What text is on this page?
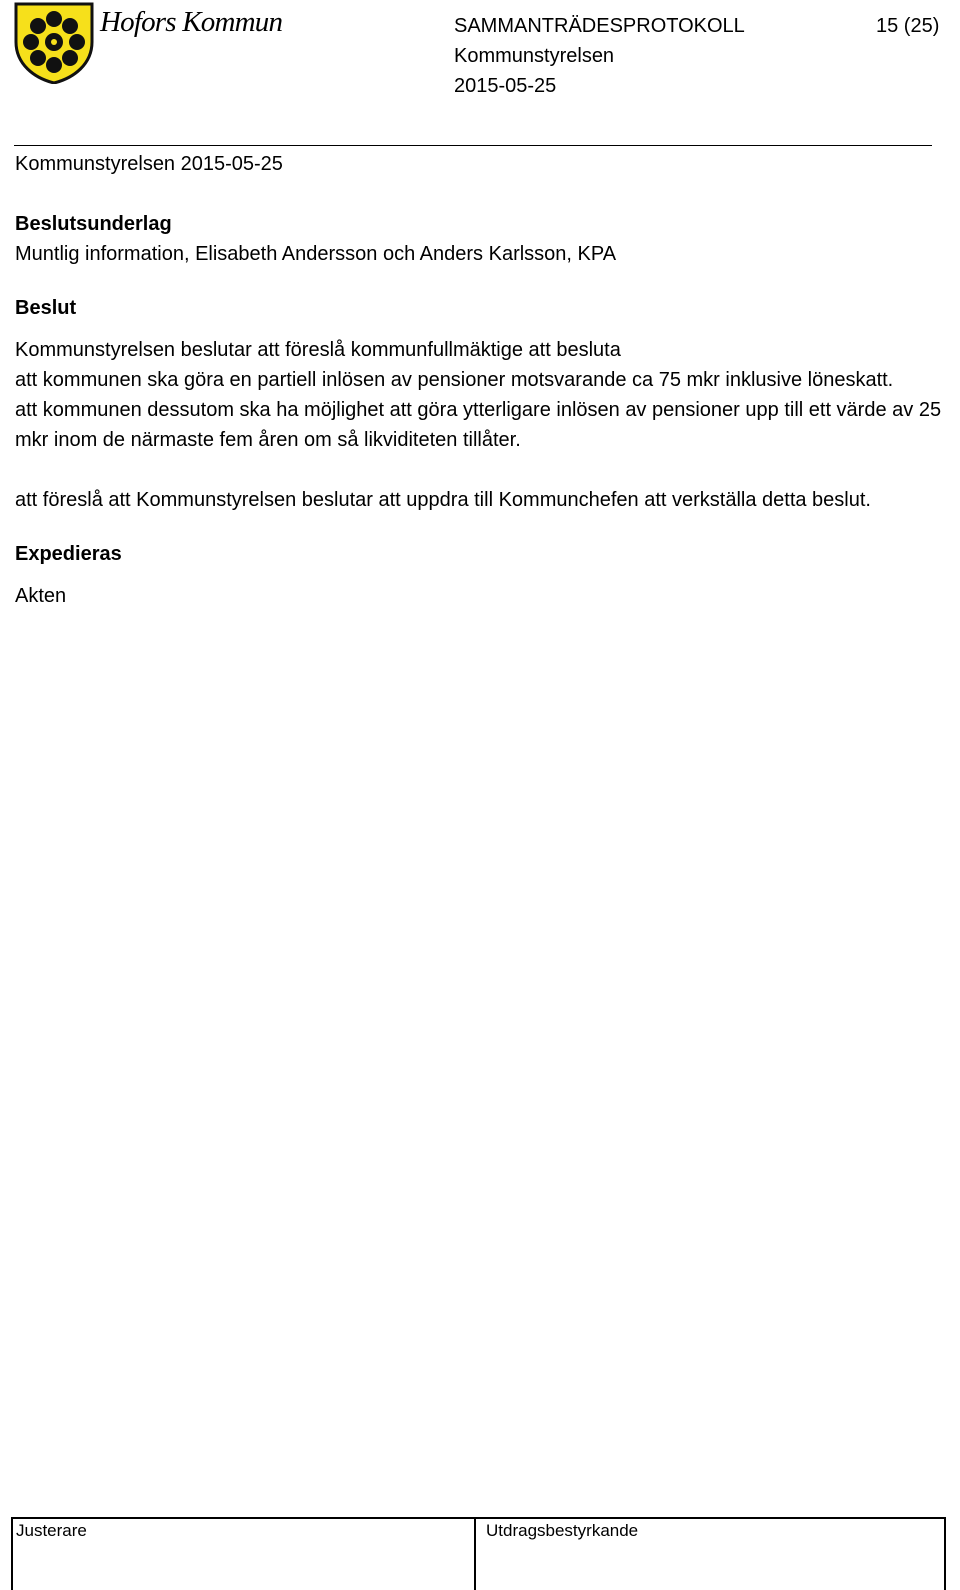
Hofors Kommun	SAMMANTRÄDESPROTOKOLL	15 (25)
Kommunstyrelsen
2015-05-25

Kommunstyrelsen 2015-05-25

Beslutsunderlag

Muntlig information, Elisabeth Andersson och Anders Karlsson, KPA

Beslut

Kommunstyrelsen beslutar att föreslå kommunfullmäktige att besluta

att kommunen ska göra en partiell inlösen av pensioner motsvarande ca 75 mkr inklusive löneskatt.

att kommunen dessutom ska ha möjlighet att göra ytterligare inlösen av pensioner upp till ett värde av 25 mkr inom de närmaste fem åren om så likviditeten tillåter.

att föreslå att Kommunstyrelsen beslutar att uppdra till Kommunchefen att verkställa detta beslut.

Expedieras

Akten

Justerare	Utdragsbestyrkande
